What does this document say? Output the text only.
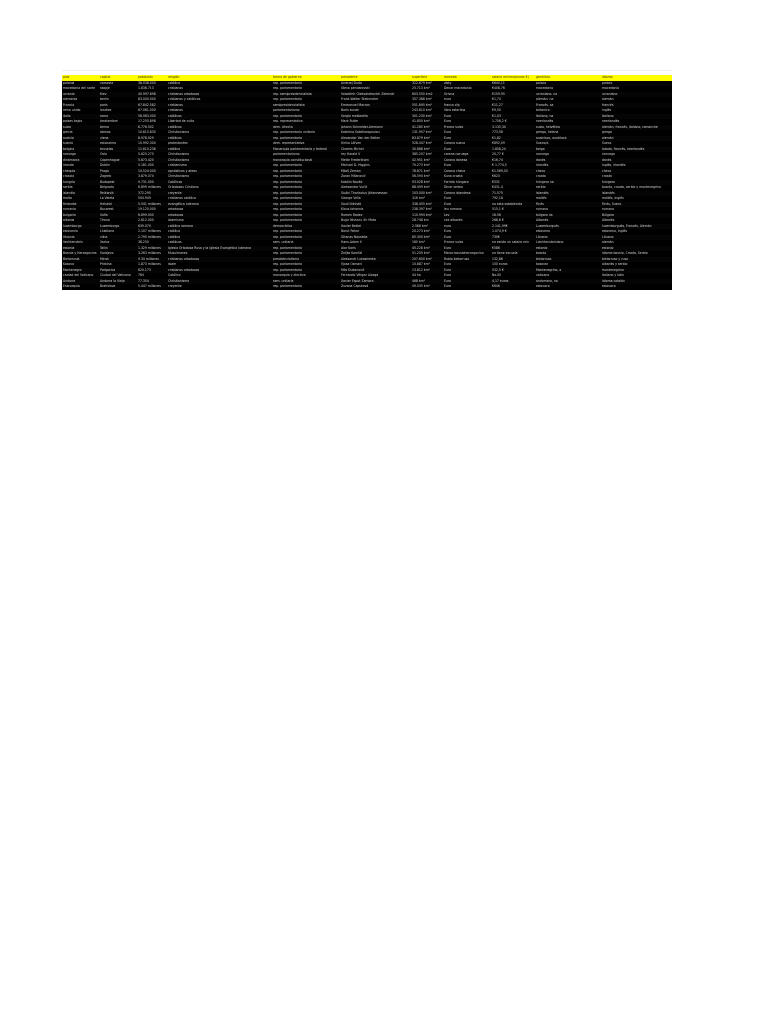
pais	capital	población	religión	forma de gobierno	presidente	superficie	moneda	salario mínimo(euros €)	gentilicio	idioma
polonia	varsovia	38.038.000	católica	rep. parlamentaria	Andrzej Duda	322.679 km²	złoty	€640,11	polaco	polaco
macedonia del norte	skopje	1.836.713	cristianos	rep. parlamentaria	Stevo pendarovski	25.713 km²	Denar macedonio	€408,76	macedonio	macedonio
ucrania	Kiev	40.997.698	cristianos ortodoxos	rep. semipresidencialista	Volodímir Oleksándrovich Zelenski	603.550 km2	Grivna	€159.95	ucraniano. na	ucraniano
alemania	berlín	83.000.000	cristianos y católicos	rep. parlamentaria	Frank-Walter Steinmeier	357.386 km²	euro	€1,74	alemán. na	alemán
Francia	paris	67.842.582	cristianos	semipresidencialista	Emmanuel Macron	551.695 km²	franco cfp	€11,27	Francés. sa	francés
reino unido	londres	67.081.000	cristianos	parlamentarismo	Boris sunak	243.610 km²	libra esterlina	€9,50	britanico	inglés
italia	roma	58.983.000	católicos	rep. parlamentaria	Sergio mattarella	301.230 km²	Euro	€1,03	Italiano, na	Italiano
paises bajos	ámsterdam	17.255.898	Libertad de culto	rep. representativa	Mark Rutte	41.850 km²	Euro	1.756,2 €	neerlandés	neerlandés
suiza	berna	8.776.502	católicos	dem. directa	Johann Schneider-Ammann	41.285 km²	Franco suizo	3.135,34	suizo, helvético	alemán, francés, italiano, romanche
grecia	atenas	10.615.830	Christianismo	rep. parlamentaria unitaria	Katerina Sakellaropoulou	131.957 km²	Euro	773,58	griego, helena	griego
austria	viena	8.978.929	católicos	rep. parlamentaria	Alexander Van der Bellen	83.879 km²	Euro	€1,82	austríaco, austríaca	alemán
suecia	estocolmo	10.992.304	protestantes	dem. representativa	Ulrika Löfven	528.447 km²	Corona sueca	€892,09	Sueco/a	Sueco
belgica	bruselas	11.610.236	católica	Monarquía parlamentaria y federal	Charles Michel	30.688 km²	Euro	1.658,24	belga	latado, francés, neerlandés
noruega	Oslo	5.625.270	Christianismo	parlamentarismo	rey Harald V	385.207 km²	corona noruega	20,77 €	noruego	noruego
dinamarca	Copenhague	5.873.420	Christianismo	monarquía constitucional	Mette Frederiksen	42.951 km²	Corona danesa	€16,74	danés	danés
irlanda	Dublín	5.181.000	cristianismo	rep. parlamentaria	Michael D. Higgins	70.273 km²	Euro	€ 1.774,5	irlandés	inglés, irlandés
chequia	Praga	10.524.000	agnósticos y ateos	rep. parlamentaria	Miloš Zeman	78.871 km²	Corona checa	€1.569,03	checo	checo
croacia	Zagreb	3.879.074	Christianismo	rep. parlamentaria	Zoran Milanović	56.594 km²	Kuna croata	€620	croata	croata
hungría	Budapest	9.731.000	Católicos	rep. parlamentaria	Katalin Novák	93.028 km²	Forinto húngaro	€531	húngaro na	húngaro
serbia	Belgrado	6.899 millones	Ortodoxos Cristiano	rep. parlamentaria	Aleksandar Vučić	88.499 km²	Dinar serbio	€431,4	serbio	bosnio, croata, serbio y montenegrino
islandia	Reikiavik	372.295	creyente	rep. parlamentaria	Guðni Thorlacius Jóhannesson	103.000 km²	Corona islandesa	71.575	islandés	islandés
malta	La Valeta	504.949	cristianos católica	rep. parlamentaria	George Vella	316 km²	Euro	792,18	maltés	maltés, Inglés
finlandia	Helsinki	5.541 millones	evangélica luterana	rep. parlamentaria	Sauli Niinistö	338.455 km²	Euro	no esta establecida	Finés	Finés, Sueco
rumania	Bucarest	19.120.000	ortodoxos	rep. parlamentaria	Klaus Iohannis	238.397 km²	leu rumano	515,1 €	rumano	rumano
bulgaria	Sofía	6.899.000	ortodoxos	rep. parlamentaria	Rumen Radev	110.994 km²	Lev	16.56	búlgaro na	Búlgaro
albania	Tirana	2.812.000	islamismo	rep. parlamentaria	Bujar Nishani, Ilir Meta	28.748 km	Lek albanés	268,6 €	Albanés	Albanés
luxemburgo	Luxemburgo	639.070	católica romana	democrática	Xavier Bettel	2.586 km²	euro	2.141,99€	Luxemburgués	luxemburgués, Francés, Alemán
eslovenia	Liubliana	2.107 millones	católica	rep. parlamentaria	Borut Pahor	20.273 km²	Euro	1.074,9 €	esloveno	esloveno, inglés
lituania	vilna	2.795 millones	católica	rep. parlamentaria	Gitanas Nausėda	65.300 km²	Euro	730€	Lituano	Lituano
liechtenstein	Vaduz	38.250	católicos	sem. unitaria	Hans-Adam II	160 km²	Franco suizo	no existe un salario min	Liechtensteiniano	alemán
estonia	Tallin	1.329 millones	Iglesia Ortodoxa Rusa y la Iglesia Evangélica luterana	rep. parlamentaria	Alar Karis	45.228 km²	Euro	€586	estonio	estonio
Bosnia y Herzegovina	Sarajevo	3.263 millones	Musulmanes	rep. parlamentaria	Željko Komšić	51.209 km²	Marco bosniohercegovino	no tiene escuela	bosnio	idioma bosnio, Croata, Serbio
Bielorrusia	Minsk	9.34 millones	cristianos ortodoxos	presidencialismo	Aleksandr Lukashenko	207.600 km²	Rublo bielorruso	132,86	bielorruso	bielorruso y ruso
Kosovo	Pristina	1.873 millones	islam	rep. parlamentaria	Vjosa Osmani	10.887 km²	Euro	100 euros	kosovar	albanés y serbio
Montenegro	Podgorica	620.173	cristianos ortodoxos	rep. parlamentaria	Milo Đukanović	13.812 km²	Euro	532,5 €	Montenegrino, a	montenegrino
ciudad del Vaticano	Ciudad del Vaticano	764	Católico	monarquía y electiva	Fernando Vérgez Alzaga	44 ha	Euro	No.00	vaticano	italiano y latin
Andorra	Andorra la Vieja	77.354	Christianismo	sem. unitaria	Xavier Espot Zamora	468 km²	Euro	4,17 euros	andorrano, na	idioma catalán
Eslovaquia	Bratislava	5.447 millones	creyente	rep. parlamentaria	Zuzana Čaputová	49.035 km²	Euro	€646	eslovaco	eslovaco
